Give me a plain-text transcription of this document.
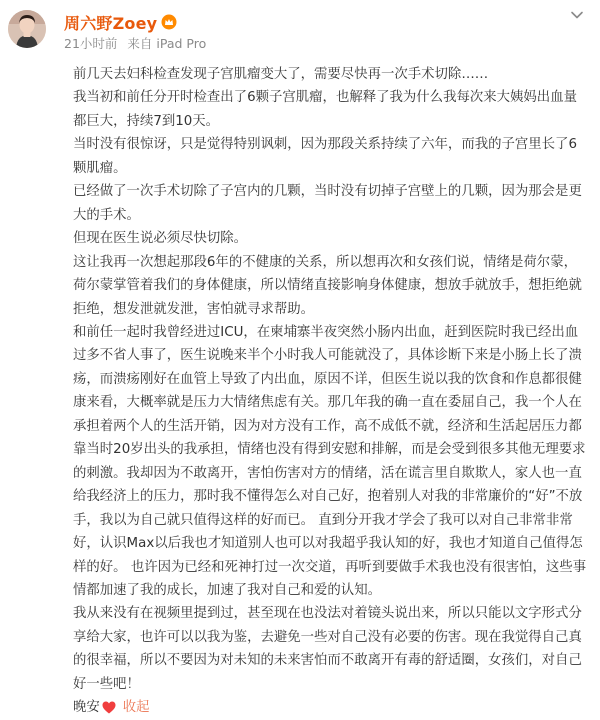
周六野Zoey
21小时前 来自 iPad Pro

前几天去妇科检查发现子宫肌瘤变大了，需要尽快再一次手术切除……

我当初和前任分开时检查出了6颗子宫肌瘤，也解释了我为什么我每次来大姨妈出血量都巨大，持续7到10天。

当时没有很惊讶，只是觉得特别讽刺，因为那段关系持续了六年，而我的子宫里长了6颗肌瘤。

已经做了一次手术切除了子宫内的几颗，当时没有切掉子宫壁上的几颗，因为那会是更大的手术。

但现在医生说必须尽快切除。

这让我再一次想起那段6年的不健康的关系，所以想再次和女孩们说，情绪是荷尔蒙，荷尔蒙掌管着我们的身体健康，所以情绪直接影响身体健康，想放手就放手，想拒绝就拒绝，想发泄就发泄，害怕就寻求帮助。

和前任一起时我曾经进过ICU，在柬埔寨半夜突然小肠内出血，赶到医院时我已经出血过多不省人事了，医生说晚来半个小时我人可能就没了，具体诊断下来是小肠上长了溃疡，而溃疡刚好在血管上导致了内出血，原因不详，但医生说以我的饮食和作息都很健康来看，大概率就是压力大情绪焦虑有关。那几年我的确一直在委屈自己，我一个人在承担着两个人的生活开销，因为对方没有工作，高不成低不就，经济和生活起居压力都靠当时20岁出头的我承担，情绪也没有得到安慰和排解，而是会受到很多其他无理要求的刺激。我却因为不敢离开，害怕伤害对方的情绪，活在谎言里自欺欺人，家人也一直给我经济上的压力，那时我不懂得怎么对自己好，抱着别人对我的非常廉价的“好”不放手，我以为自己就只值得这样的好而已。 直到分开我才学会了我可以对自己非常非常好，认识Max以后我也才知道别人也可以对我超乎我认知的好，我也才知道自己值得怎样的好。 也许因为已经和死神打过一次交道，再听到要做手术我也没有很害怕，这些事情都加速了我的成长，加速了我对自己和爱的认知。

我从来没有在视频里提到过，甚至现在也没法对着镜头说出来，所以只能以文字形式分享给大家，也许可以以我为鉴，去避免一些对自己没有必要的伤害。现在我觉得自己真的很幸福，所以不要因为对未知的未来害怕而不敢离开有毒的舒适圈，女孩们，对自己好一些吧！

晚安 收起
